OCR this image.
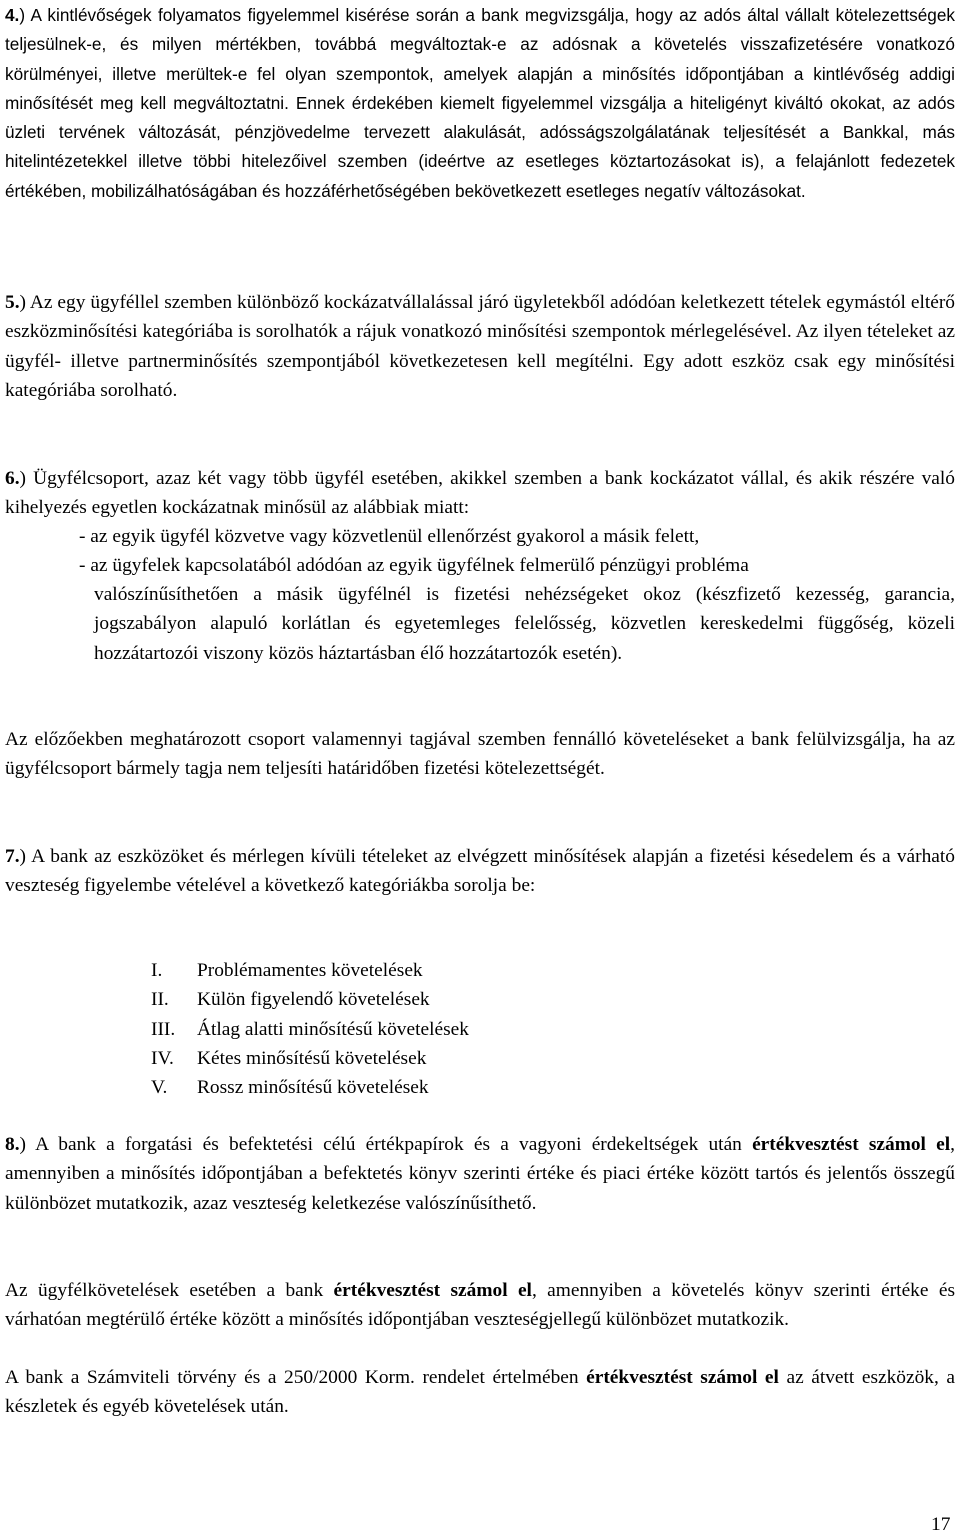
4.) A kintlévőségek folyamatos figyelemmel kisérése során a bank megvizsgálja, hogy az adós által vállalt kötelezettségek teljesülnek-e, és milyen mértékben, továbbá megváltoztak-e az adósnak a követelés visszafizetésére vonatkozó körülményei, illetve merültek-e fel olyan szempontok, amelyek alapján a minősítés időpontjában a kintlévőség addigi minősítését meg kell megváltoztatni. Ennek érdekében kiemelt figyelemmel vizsgálja a hiteligényt kiváltó okokat, az adós üzleti tervének változását, pénzjövedelme tervezett alakulását, adósságszolgálatának teljesítését a Bankkal, más hitelintézetekkel illetve többi hitelezőivel szemben (ideértve az esetleges köztartozásokat is), a felajánlott fedezetek értékében, mobilizálhatóságában és hozzáférhetőségében bekövetkezett esetleges negatív változásokat.

5.) Az egy ügyféllel szemben különböző kockázatvállalással járó ügyletekből adódóan keletkezett tételek egymástól eltérő eszközminősítési kategóriába is sorolhatók a rájuk vonatkozó minősítési szempontok mérlegelésével. Az ilyen tételeket az ügyfél- illetve partnerminősítés szempontjából következetesen kell megítélni. Egy adott eszköz csak egy minősítési kategóriába sorolható.

6.) Ügyfélcsoport, azaz két vagy több ügyfél esetében, akikkel szemben a bank kockázatot vállal, és akik részére való kihelyezés egyetlen kockázatnak minősül az alábbiak miatt:

- az egyik ügyfél közvetve vagy közvetlenül ellenőrzést gyakorol a másik felett,

- az ügyfelek kapcsolatából adódóan az egyik ügyfélnek felmerülő pénzügyi probléma

valószínűsíthetően a másik ügyfélnél is fizetési nehézségeket okoz (készfizető kezesség, garancia, jogszabályon alapuló korlátlan és egyetemleges felelősség, közvetlen kereskedelmi függőség, közeli hozzátartozói viszony közös háztartásban élő hozzátartozók esetén).

Az előzőekben meghatározott csoport valamennyi tagjával szemben fennálló követeléseket a bank felülvizsgálja, ha az ügyfélcsoport bármely tagja nem teljesíti határidőben fizetési kötelezettségét.

7.) A bank az eszközöket és mérlegen kívüli tételeket az elvégzett minősítések alapján a fizetési késedelem és a várható veszteség figyelembe vételével a következő kategóriákba sorolja be:

I. Problémamentes követelések
II. Külön figyelendő követelések
III. Átlag alatti minősítésű követelések
IV. Kétes minősítésű követelések
V. Rossz minősítésű követelések

8.) A bank a forgatási és befektetési célú értékpapírok és a vagyoni érdekeltségek után értékvesztést számol el, amennyiben a minősítés időpontjában a befektetés könyv szerinti értéke és piaci értéke között tartós és jelentős összegű különbözet mutatkozik, azaz veszteség keletkezése valószínűsíthető.

Az ügyfélkövetelések esetében a bank értékvesztést számol el, amennyiben a követelés könyv szerinti értéke és várhatóan megtérülő értéke között a minősítés időpontjában veszteségjellegű különbözet mutatkozik.

A bank a Számviteli törvény és a 250/2000 Korm. rendelet értelmében értékvesztést számol el az átvett eszközök, a készletek és egyéb követelések után.

17
